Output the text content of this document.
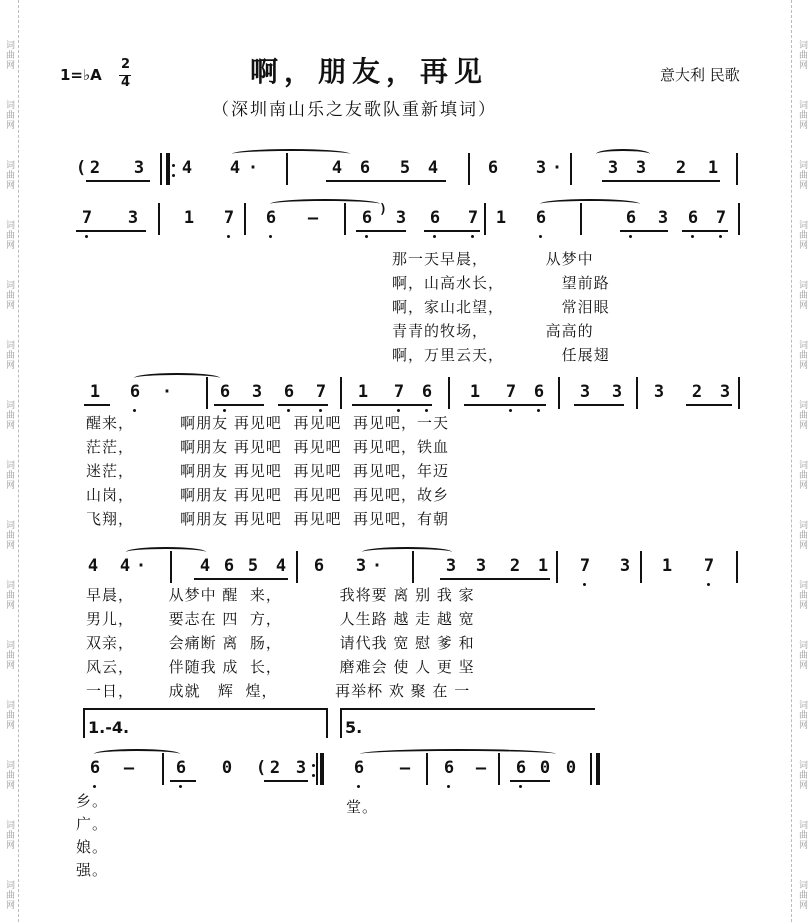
啊，朋友，再见
（深圳南山乐之友歌队重新填词）
1=♭A
2
4	意大利 民歌
2 3 4 4	4 6 5 4	6 3	3 3 2 1
(	·	·
7 3	1 7 6	6 3 6 7 1 6	6 3 6 7
—	)
1 6	6 3 6 7 1 7 6 1 7 6 3 3 3 2 3
·
4 4	4 6 5 4 6 3	3 3 2 1 7 3 1 7
·	·
6	6 0 2 3	6	6	6 0 0
—	—	—
(
那一天早晨，          从梦中
啊，山高水长，          望前路
啊，家山北望，          常泪眼
青青的牧场，          高高的
啊，万里云天，          任展翅
醒来，        啊朋友 再见吧  再见吧  再见吧，一天
茫茫，        啊朋友 再见吧  再见吧  再见吧，铁血
迷茫，        啊朋友 再见吧  再见吧  再见吧，年迈
山岗，        啊朋友 再见吧  再见吧  再见吧，故乡
飞翔，        啊朋友 再见吧  再见吧  再见吧，有朝
早晨，      从梦中 醒  来，          我将要 离 别 我 家
男儿，      要志在 四  方，          人生路 越 走 越 宽
双亲，      会痛断 离  肠，          请代我 宽 慰 爹 和
风云，      伴随我 成  长，          磨难会 使 人 更 坚
一日，      成就   辉  煌，          再举杯 欢 聚 在 一
乡。
广。
娘。
强。
堂。
1.-4.	5.
词曲网
词曲网
词曲网
词曲网
词曲网
词曲网
词曲网
词曲网
词曲网
词曲网
词曲网
词曲网
词曲网
词曲网
词曲网
词曲网
词曲网
词曲网
词曲网
词曲网
词曲网
词曲网
词曲网
词曲网
词曲网
词曲网
词曲网
词曲网
词曲网
词曲网
